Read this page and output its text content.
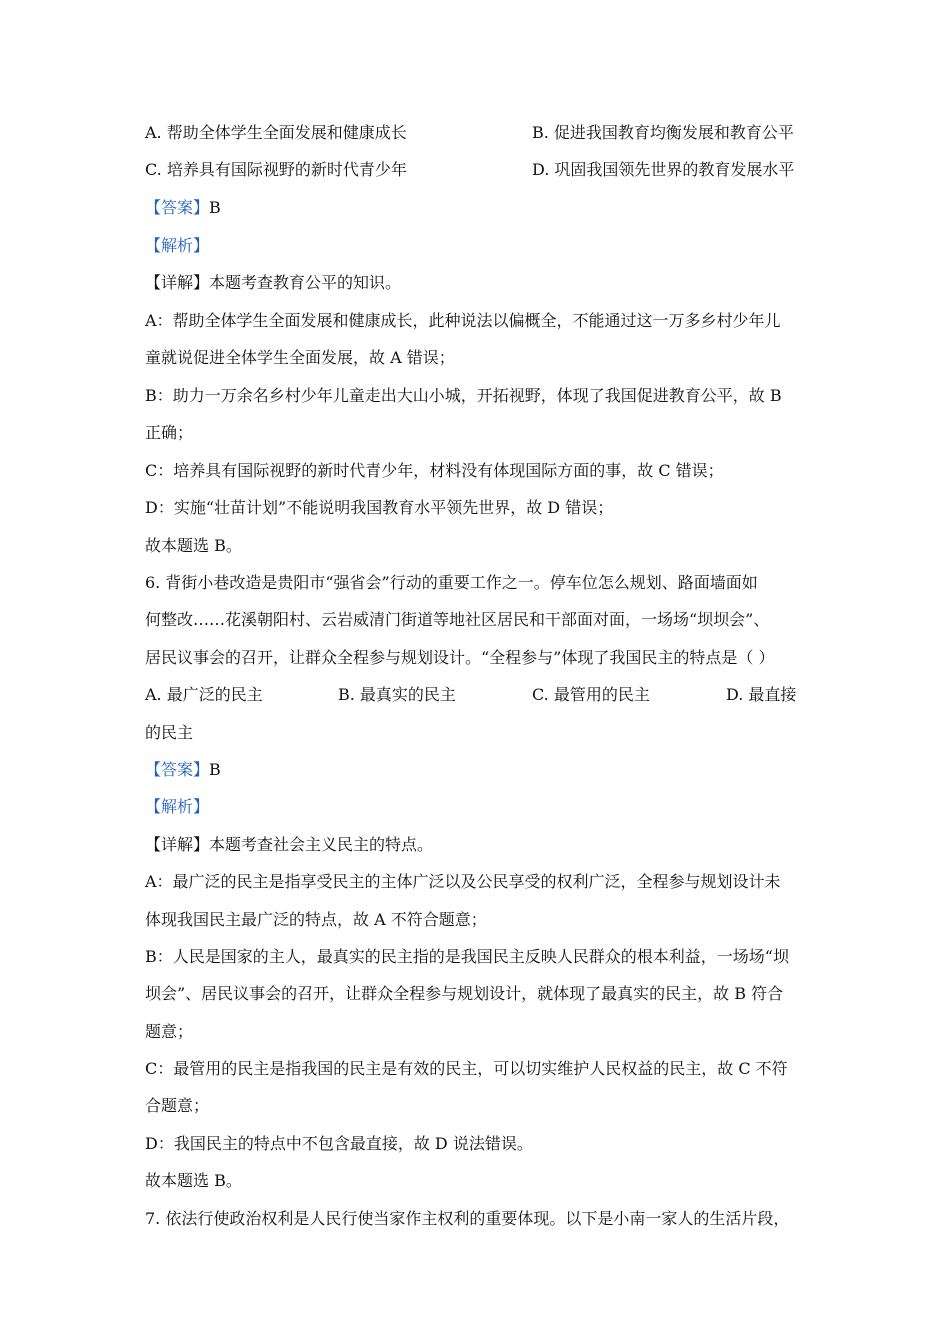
A. 帮助全体学生全面发展和健康成长	B. 促进我国教育均衡发展和教育公平
C. 培养具有国际视野的新时代青少年	D. 巩固我国领先世界的教育发展水平
【答案】B
【解析】
【详解】本题考查教育公平的知识。
A：帮助全体学生全面发展和健康成长，此种说法以偏概全，不能通过这一万多乡村少年儿
童就说促进全体学生全面发展，故 A 错误；
B：助力一万余名乡村少年儿童走出大山小城，开拓视野，体现了我国促进教育公平，故 B
正确；
C：培养具有国际视野的新时代青少年，材料没有体现国际方面的事，故 C 错误；
D：实施“壮苗计划”不能说明我国教育水平领先世界，故 D 错误；
故本题选 B。
6. 背街小巷改造是贵阳市“强省会”行动的重要工作之一。停车位怎么规划、路面墙面如
何整改……花溪朝阳村、云岩威清门街道等地社区居民和干部面对面，一场场“坝坝会”、
居民议事会的召开，让群众全程参与规划设计。“全程参与”体现了我国民主的特点是（ ）
A. 最广泛的民主	B. 最真实的民主	C. 最管用的民主	D. 最直接
的民主
【答案】B
【解析】
【详解】本题考查社会主义民主的特点。
A：最广泛的民主是指享受民主的主体广泛以及公民享受的权利广泛，全程参与规划设计未
体现我国民主最广泛的特点，故 A 不符合题意；
B：人民是国家的主人，最真实的民主指的是我国民主反映人民群众的根本利益，一场场“坝
坝会”、居民议事会的召开，让群众全程参与规划设计，就体现了最真实的民主，故 B 符合
题意；
C：最管用的民主是指我国的民主是有效的民主，可以切实维护人民权益的民主，故 C 不符
合题意；
D：我国民主的特点中不包含最直接，故 D 说法错误。
故本题选 B。
7. 依法行使政治权利是人民行使当家作主权利的重要体现。以下是小南一家人的生活片段，
